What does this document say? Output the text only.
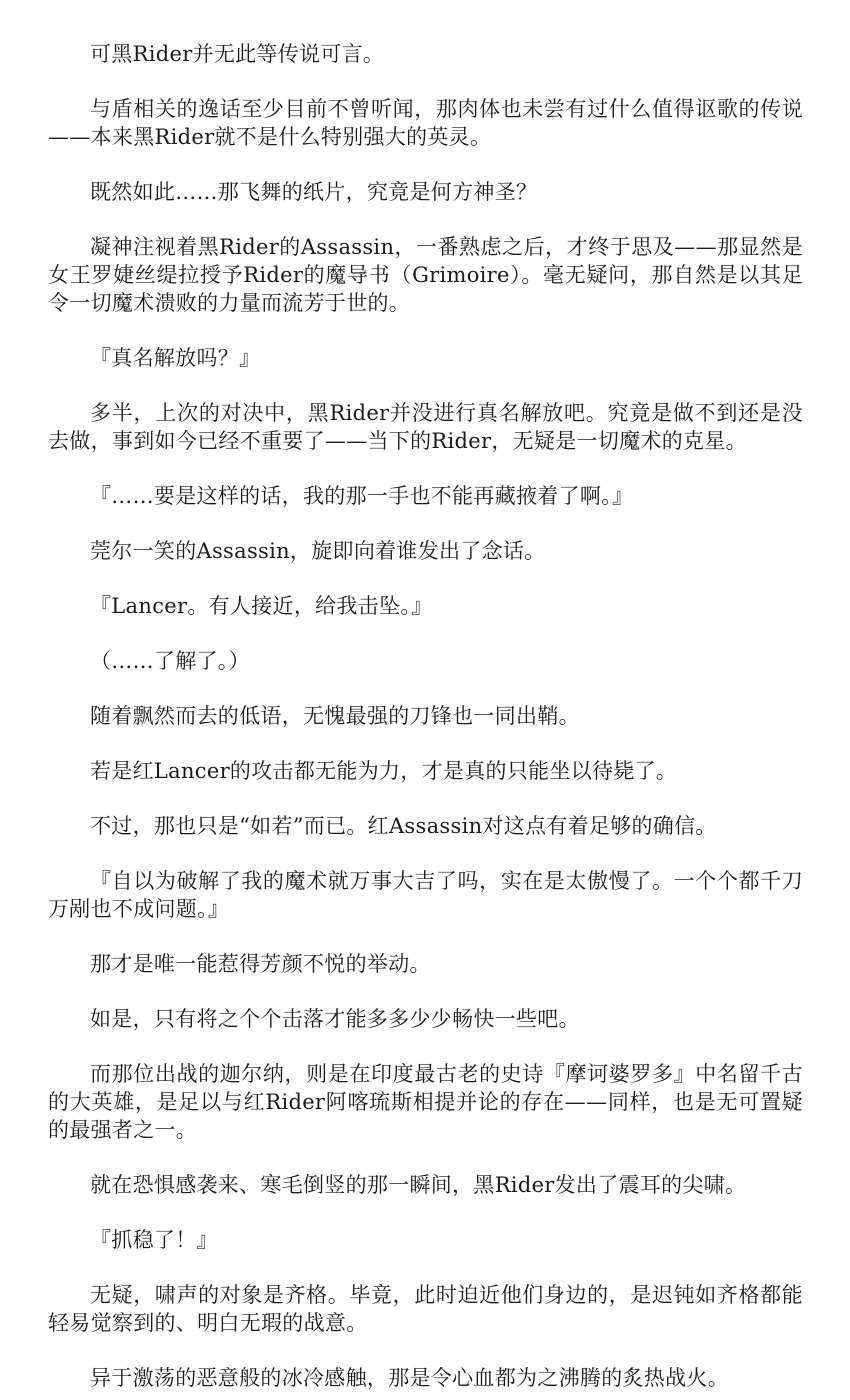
可黑Rider并无此等传说可言。

与盾相关的逸话至少目前不曾听闻，那肉体也未尝有过什么值得讴歌的传说——本来黑Rider就不是什么特别强大的英灵。

既然如此……那飞舞的纸片，究竟是何方神圣？

凝神注视着黑Rider的Assassin，一番熟虑之后，才终于思及——那显然是女王罗婕丝缇拉授予Rider的魔导书（Grimoire）。毫无疑问，那自然是以其足令一切魔术溃败的力量而流芳于世的。

『真名解放吗？』

多半，上次的对决中，黑Rider并没进行真名解放吧。究竟是做不到还是没去做，事到如今已经不重要了——当下的Rider，无疑是一切魔术的克星。

『……要是这样的话，我的那一手也不能再藏掖着了啊。』

莞尔一笑的Assassin，旋即向着谁发出了念话。

『Lancer。有人接近，给我击坠。』

（……了解了。）

随着飘然而去的低语，无愧最强的刀锋也一同出鞘。

若是红Lancer的攻击都无能为力，才是真的只能坐以待毙了。

不过，那也只是“如若”而已。红Assassin对这点有着足够的确信。

『自以为破解了我的魔术就万事大吉了吗，实在是太傲慢了。一个个都千刀万剐也不成问题。』

那才是唯一能惹得芳颜不悦的举动。

如是，只有将之个个击落才能多多少少畅快一些吧。

而那位出战的迦尔纳，则是在印度最古老的史诗『摩诃婆罗多』中名留千古的大英雄，是足以与红Rider阿喀琉斯相提并论的存在——同样，也是无可置疑的最强者之一。

就在恐惧感袭来、寒毛倒竖的那一瞬间，黑Rider发出了震耳的尖啸。

『抓稳了！』

无疑，啸声的对象是齐格。毕竟，此时迫近他们身边的，是迟钝如齐格都能轻易觉察到的、明白无瑕的战意。

异于激荡的恶意般的冰冷感触，那是令心血都为之沸腾的炙热战火。
